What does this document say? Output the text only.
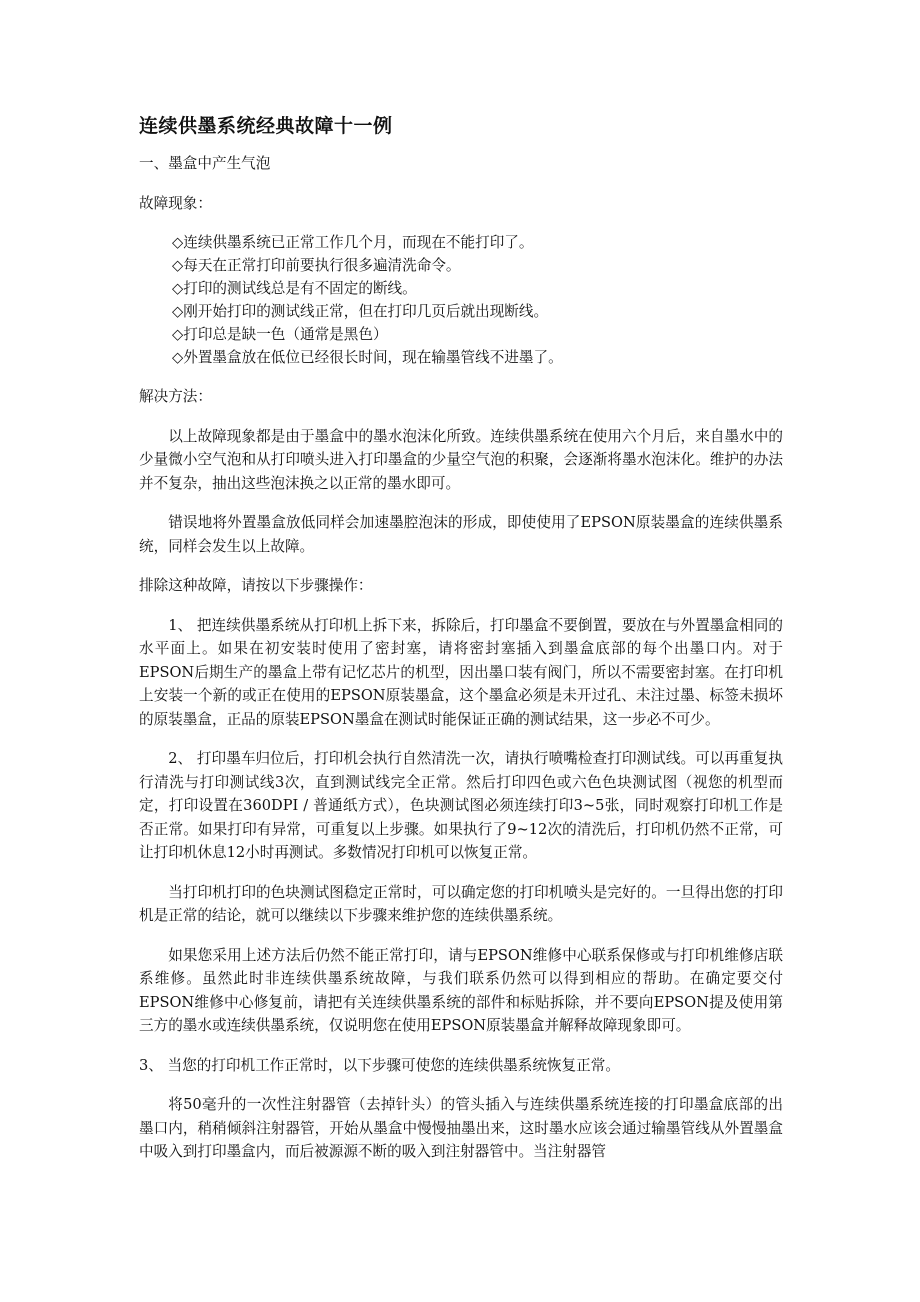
连续供墨系统经典故障十一例
一、墨盒中产生气泡
故障现象：
◇连续供墨系统已正常工作几个月，而现在不能打印了。
◇每天在正常打印前要执行很多遍清洗命令。
◇打印的测试线总是有不固定的断线。
◇刚开始打印的测试线正常，但在打印几页后就出现断线。
◇打印总是缺一色（通常是黑色）
◇外置墨盒放在低位已经很长时间，现在输墨管线不进墨了。
解决方法：
以上故障现象都是由于墨盒中的墨水泡沫化所致。连续供墨系统在使用六个月后，来自墨水中的少量微小空气泡和从打印喷头进入打印墨盒的少量空气泡的积聚，会逐渐将墨水泡沫化。维护的办法并不复杂，抽出这些泡沫换之以正常的墨水即可。
错误地将外置墨盒放低同样会加速墨腔泡沫的形成，即使使用了EPSON原装墨盒的连续供墨系统，同样会发生以上故障。
排除这种故障，请按以下步骤操作：
1、 把连续供墨系统从打印机上拆下来，拆除后，打印墨盒不要倒置，要放在与外置墨盒相同的水平面上。如果在初安装时使用了密封塞，请将密封塞插入到墨盒底部的每个出墨口内。对于EPSON后期生产的墨盒上带有记忆芯片的机型，因出墨口装有阀门，所以不需要密封塞。在打印机上安装一个新的或正在使用的EPSON原装墨盒，这个墨盒必须是未开过孔、未注过墨、标签未损坏的原装墨盒，正品的原装EPSON墨盒在测试时能保证正确的测试结果，这一步必不可少。
2、 打印墨车归位后，打印机会执行自然清洗一次，请执行喷嘴检查打印测试线。可以再重复执行清洗与打印测试线3次，直到测试线完全正常。然后打印四色或六色色块测试图（视您的机型而定，打印设置在360DPI / 普通纸方式），色块测试图必须连续打印3~5张，同时观察打印机工作是否正常。如果打印有异常，可重复以上步骤。如果执行了9~12次的清洗后，打印机仍然不正常，可让打印机休息12小时再测试。多数情况打印机可以恢复正常。
当打印机打印的色块测试图稳定正常时，可以确定您的打印机喷头是完好的。一旦得出您的打印机是正常的结论，就可以继续以下步骤来维护您的连续供墨系统。
如果您采用上述方法后仍然不能正常打印，请与EPSON维修中心联系保修或与打印机维修店联系维修。虽然此时非连续供墨系统故障，与我们联系仍然可以得到相应的帮助。在确定要交付EPSON维修中心修复前，请把有关连续供墨系统的部件和标贴拆除，并不要向EPSON提及使用第三方的墨水或连续供墨系统，仅说明您在使用EPSON原装墨盒并解释故障现象即可。
3、 当您的打印机工作正常时，以下步骤可使您的连续供墨系统恢复正常。
将50毫升的一次性注射器管（去掉针头）的管头插入与连续供墨系统连接的打印墨盒底部的出墨口内，稍稍倾斜注射器管，开始从墨盒中慢慢抽墨出来，这时墨水应该会通过输墨管线从外置墨盒中吸入到打印墨盒内，而后被源源不断的吸入到注射器管中。当注射器管
